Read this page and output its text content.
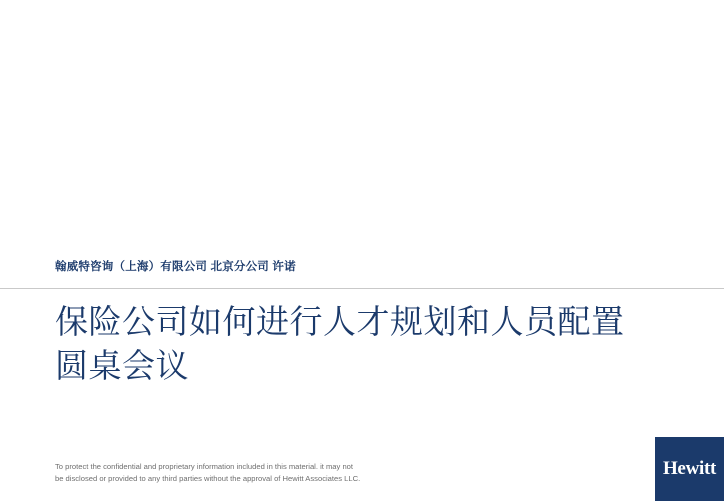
翰威特咨询（上海）有限公司 北京分公司 许诺
保险公司如何进行人才规划和人员配置圆桌会议
To protect the confidential and proprietary information included in this material. it may not
be disclosed or provided to any third parties without the approval of Hewitt Associates LLC.	Hewitt
